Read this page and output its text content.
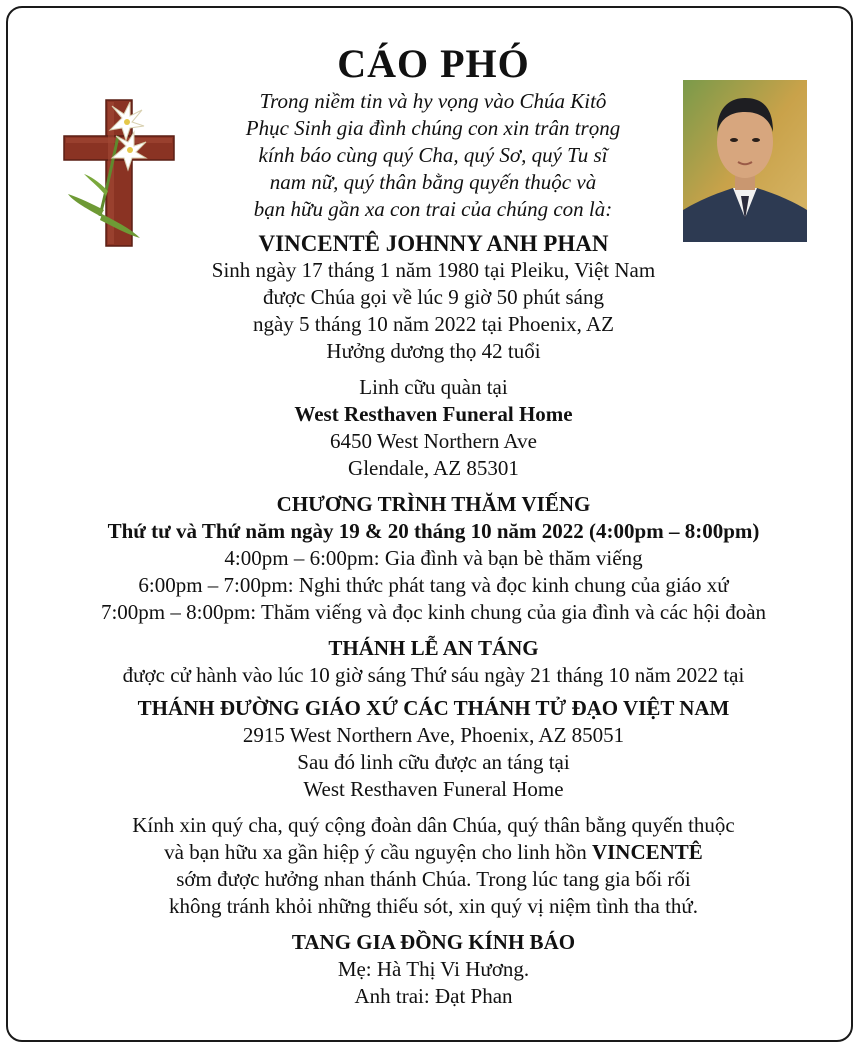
CÁO PHÓ

Trong niềm tin và hy vọng vào Chúa Kitô

Phục Sinh gia đình chúng con xin trân trọng

kính báo cùng quý Cha, quý Sơ, quý Tu sĩ

nam nữ, quý thân bằng quyến thuộc và

bạn hữu gần xa con trai của chúng con là:

VINCENTÊ JOHNNY ANH PHAN

Sinh ngày 17 tháng 1 năm 1980 tại Pleiku, Việt Nam

được Chúa gọi về lúc 9 giờ 50 phút sáng

ngày 5 tháng 10 năm 2022 tại Phoenix, AZ

Hưởng dương thọ 42 tuổi

Linh cữu quàn tại

West Resthaven Funeral Home

6450 West Northern Ave

Glendale, AZ 85301

CHƯƠNG TRÌNH THĂM VIẾNG

Thứ tư và Thứ năm ngày 19 & 20 tháng 10 năm 2022 (4:00pm – 8:00pm)

4:00pm – 6:00pm: Gia đình và bạn bè thăm viếng

6:00pm – 7:00pm: Nghi thức phát tang và đọc kinh chung của giáo xứ

7:00pm – 8:00pm: Thăm viếng và đọc kinh chung của gia đình và các hội đoàn

THÁNH LỄ AN TÁNG

được cử hành vào lúc 10 giờ sáng Thứ sáu ngày 21 tháng 10 năm 2022 tại

THÁNH ĐƯỜNG GIÁO XỨ CÁC THÁNH TỬ ĐẠO VIỆT NAM

2915 West Northern Ave, Phoenix, AZ 85051

Sau đó linh cữu được an táng tại

West Resthaven Funeral Home

Kính xin quý cha, quý cộng đoàn dân Chúa, quý thân bằng quyến thuộc

và bạn hữu xa gần hiệp ý cầu nguyện cho linh hồn VINCENTÊ

sớm được hưởng nhan thánh Chúa. Trong lúc tang gia bối rối

không tránh khỏi những thiếu sót, xin quý vị niệm tình tha thứ.

TANG GIA ĐỒNG KÍNH BÁO

Mẹ: Hà Thị Vi Hương.

Anh trai: Đạt Phan
